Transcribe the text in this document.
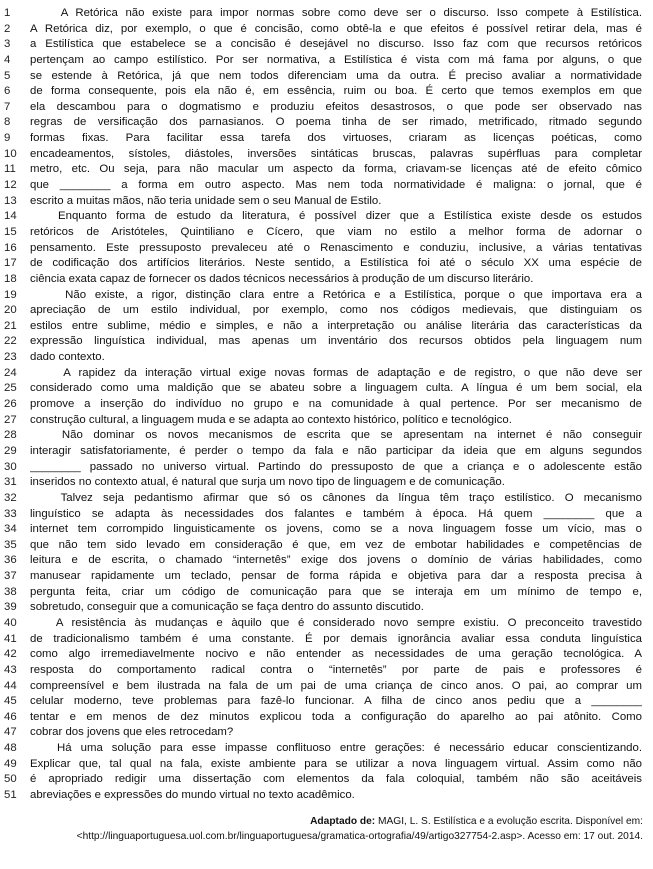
1	A Retórica não existe para impor normas sobre como deve ser o discurso. Isso compete à Estilística.
2	A Retórica diz, por exemplo, o que é concisão, como obtê-la e que efeitos é possível retirar dela, mas é
3	a Estilística que estabelece se a concisão é desejável no discurso. Isso faz com que recursos retóricos
4	pertençam ao campo estilístico. Por ser normativa, a Estilística é vista com má fama por alguns, o que
5	se estende à Retórica, já que nem todos diferenciam uma da outra. É preciso avaliar a normatividade
6	de forma consequente, pois ela não é, em essência, ruim ou boa. É certo que temos exemplos em que
7	ela descambou para o dogmatismo e produziu efeitos desastrosos, o que pode ser observado nas
8	regras de versificação dos parnasianos. O poema tinha de ser rimado, metrificado, ritmado segundo
9	formas fixas. Para facilitar essa tarefa dos virtuoses, criaram as licenças poéticas, como
10 encadeamentos, sístoles, diástoles, inversões sintáticas bruscas, palavras supérfluas para completar
11	metro, etc. Ou seja, para não macular um aspecto da forma, criavam-se licenças até de efeito cômico
12 que ________ a forma em outro aspecto. Mas nem toda normatividade é maligna: o jornal, que é
13 escrito a muitas mãos, não teria unidade sem o seu Manual de Estilo.
14 Enquanto forma de estudo da literatura, é possível dizer que a Estilística existe desde os estudos
15 retóricos de Aristóteles, Quintiliano e Cícero, que viam no estilo a melhor forma de adornar o
16 pensamento. Este pressuposto prevaleceu até o Renascimento e conduziu, inclusive, a várias tentativas
17 de codificação dos artifícios literários. Neste sentido, a Estilística foi até o século XX uma espécie de
18 ciência exata capaz de fornecer os dados técnicos necessários à produção de um discurso literário.
19 Não existe, a rigor, distinção clara entre a Retórica e a Estilística, porque o que importava era a
20 apreciação de um estilo individual, por exemplo, como nos códigos medievais, que distinguiam os
21 estilos entre sublime, médio e simples, e não a interpretação ou análise literária das características da
22 expressão linguística individual, mas apenas um inventário dos recursos obtidos pela linguagem num
23 dado contexto.
24 A rapidez da interação virtual exige novas formas de adaptação e de registro, o que não deve ser
25 considerado como uma maldição que se abateu sobre a linguagem culta. A língua é um bem social, ela
26 promove a inserção do indivíduo no grupo e na comunidade à qual pertence. Por ser mecanismo de
27 construção cultural, a linguagem muda e se adapta ao contexto histórico, político e tecnológico.
28 Não dominar os novos mecanismos de escrita que se apresentam na internet é não conseguir
29 interagir satisfatoriamente, é perder o tempo da fala e não participar da ideia que em alguns segundos
30 ________ passado no universo virtual. Partindo do pressuposto de que a criança e o adolescente estão
31 inseridos no contexto atual, é natural que surja um novo tipo de linguagem e de comunicação.
32 Talvez seja pedantismo afirmar que só os cânones da língua têm traço estilístico. O mecanismo
33 linguístico se adapta às necessidades dos falantes e também à época. Há quem ________ que a
34 internet tem corrompido linguisticamente os jovens, como se a nova linguagem fosse um vício, mas o
35 que não tem sido levado em consideração é que, em vez de embotar habilidades e competências de
36 leitura e de escrita, o chamado “internetês” exige dos jovens o domínio de várias habilidades, como
37 manusear rapidamente um teclado, pensar de forma rápida e objetiva para dar a resposta precisa à
38 pergunta feita, criar um código de comunicação para que se interaja em um mínimo de tempo e,
39 sobretudo, conseguir que a comunicação se faça dentro do assunto discutido.
40 A resistência às mudanças e àquilo que é considerado novo sempre existiu. O preconceito travestido
41 de tradicionalismo também é uma constante. É por demais ignorância avaliar essa conduta linguística
42 como algo irremediavelmente nocivo e não entender as necessidades de uma geração tecnológica. A
43 resposta do comportamento radical contra o “internetês” por parte de pais e professores é
44 compreensível e bem ilustrada na fala de um pai de uma criança de cinco anos. O pai, ao comprar um
45 celular moderno, teve problemas para fazê-lo funcionar. A filha de cinco anos pediu que a ________
46 tentar e em menos de dez minutos explicou toda a configuração do aparelho ao pai atônito. Como
47 cobrar dos jovens que eles retrocedam?
48 Há uma solução para esse impasse conflituoso entre gerações: é necessário educar conscientizando.
49 Explicar que, tal qual na fala, existe ambiente para se utilizar a nova linguagem virtual. Assim como não
50 é apropriado redigir uma dissertação com elementos da fala coloquial, também não são aceitáveis
51 abreviações e expressões do mundo virtual no texto acadêmico.
Adaptado de: MAGI, L. S. Estilística e a evolução escrita. Disponível em:
<http://linguaportuguesa.uol.com.br/linguaportuguesa/gramatica-ortografia/49/artigo327754-2.asp>. Acesso em: 17 out. 2014.
